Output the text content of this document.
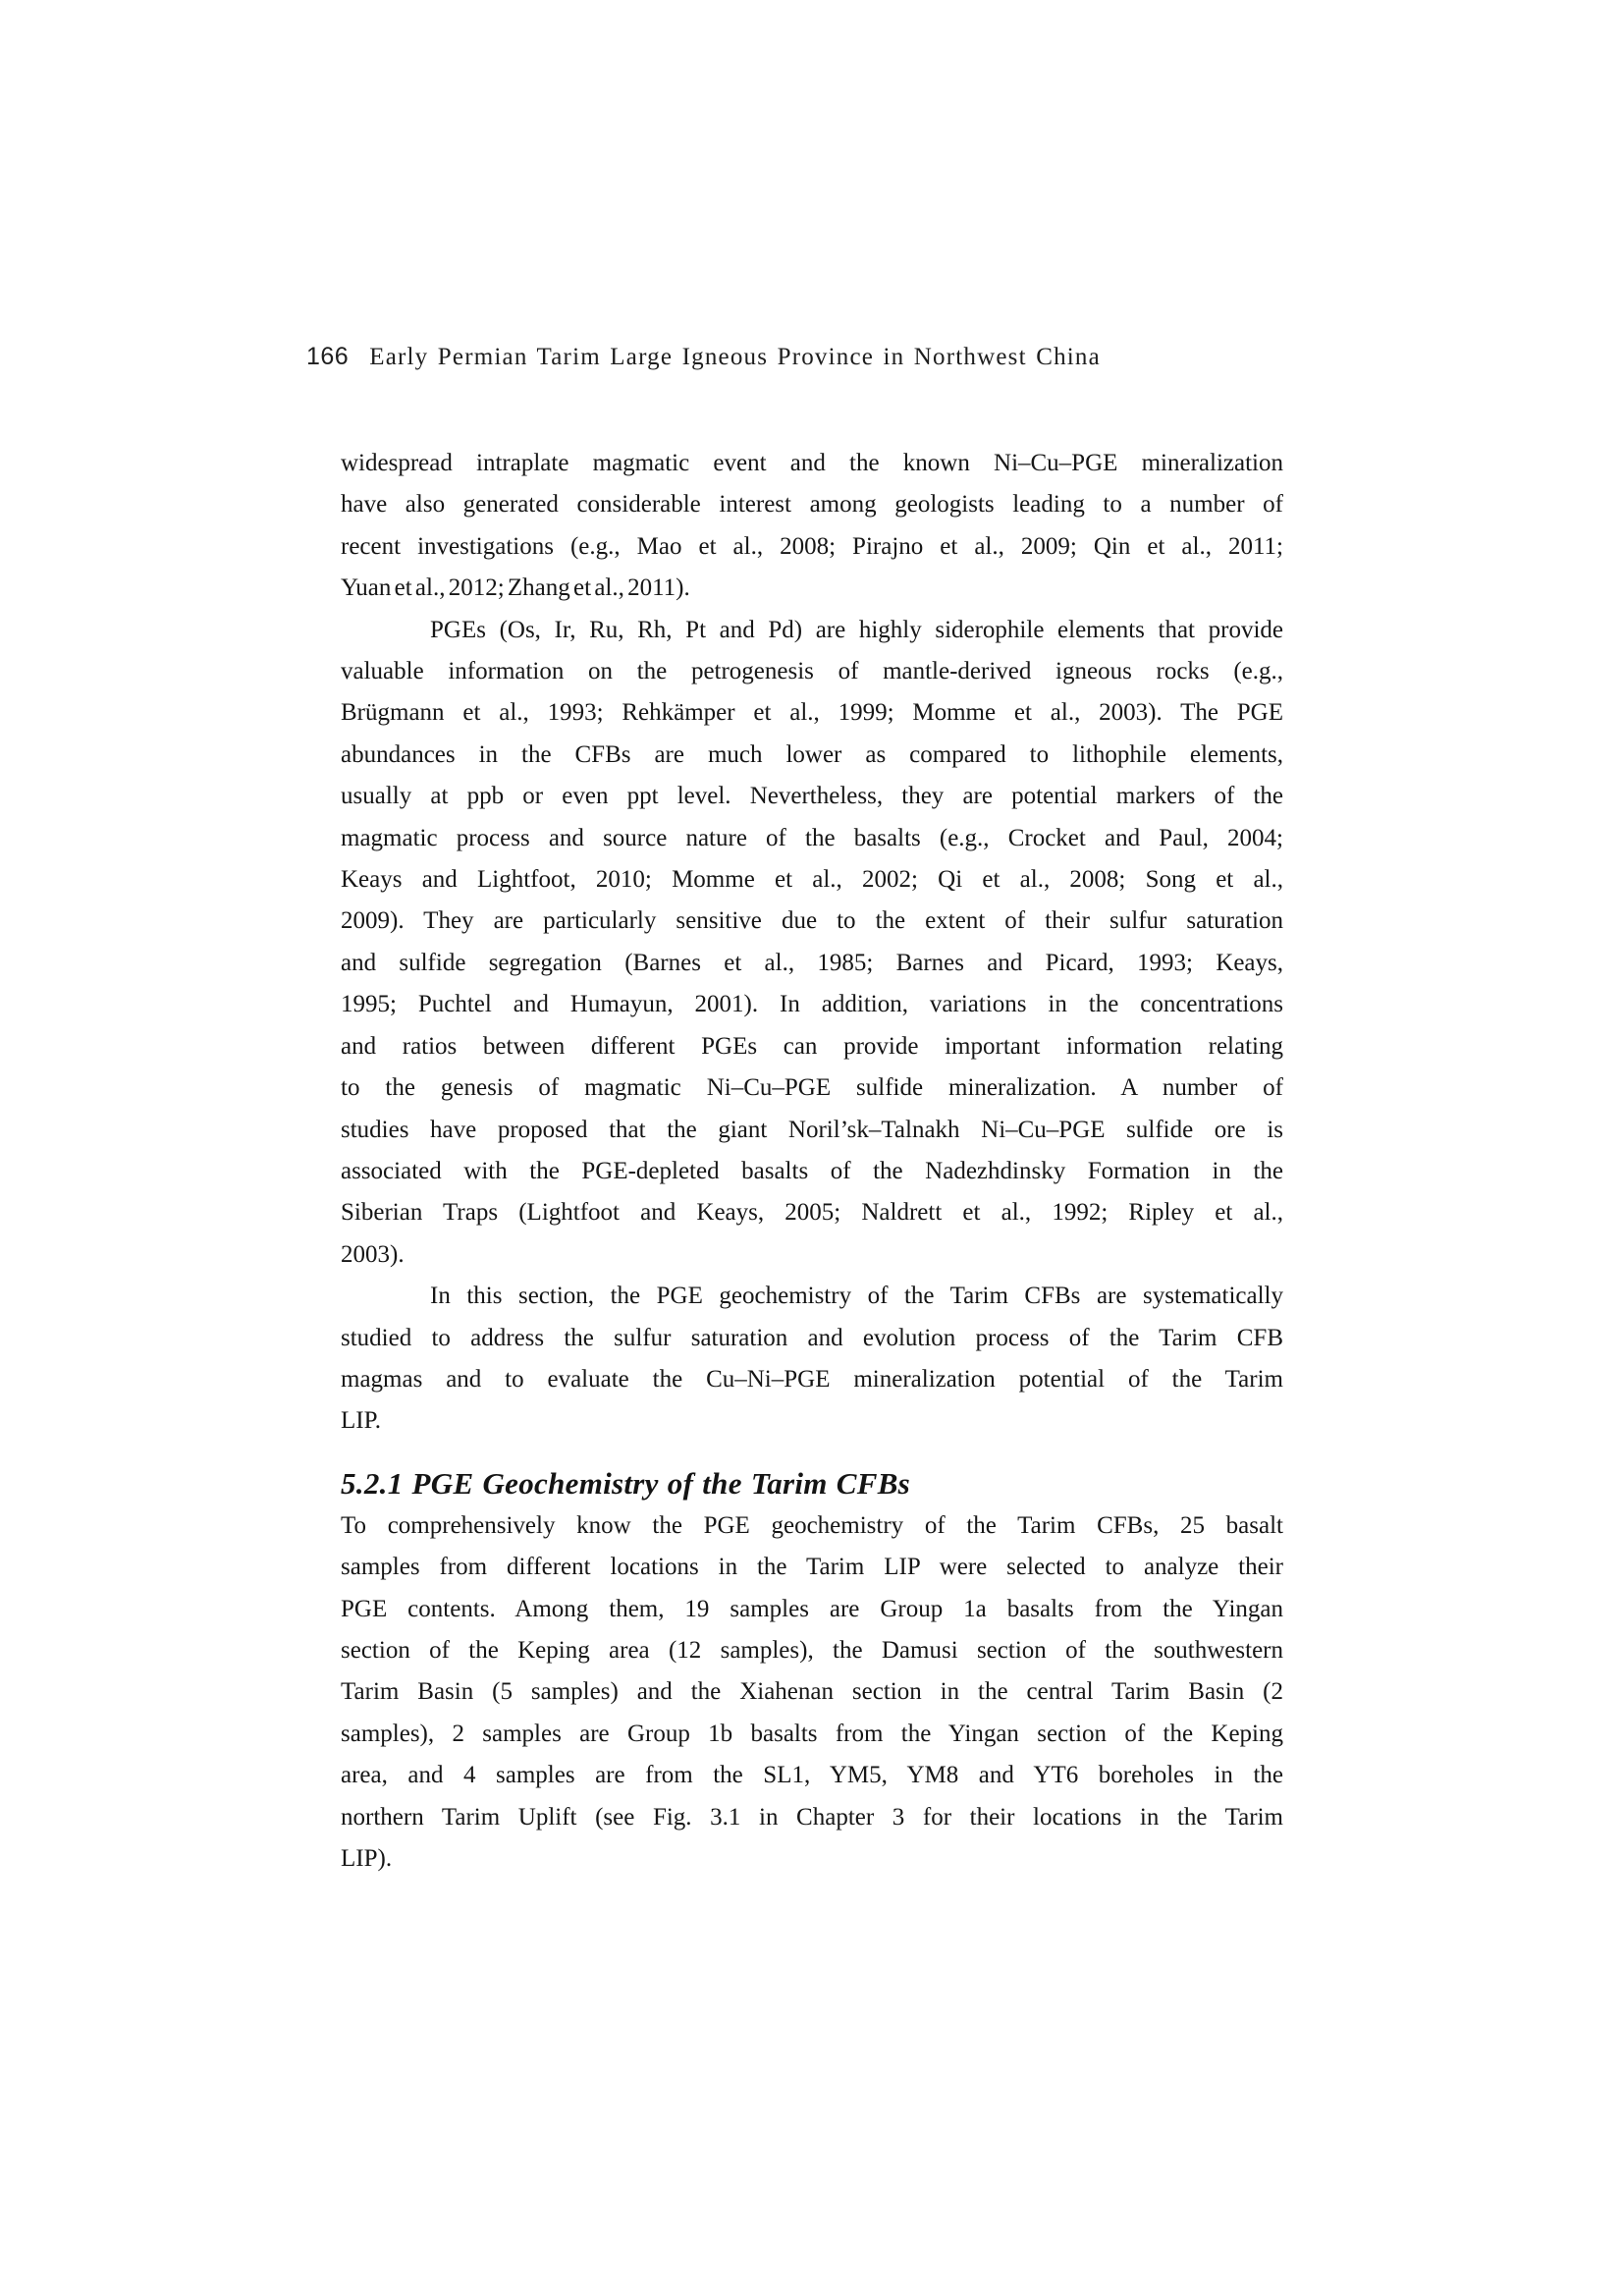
166 Early Permian Tarim Large Igneous Province in Northwest China
widespread intraplate magmatic event and the known Ni–Cu–PGE mineralization
have also generated considerable interest among geologists leading to a number of
recent investigations (e.g., Mao et al., 2008; Pirajno et al., 2009; Qin et al., 2011;
Yuan et al., 2012; Zhang et al., 2011).
PGEs (Os, Ir, Ru, Rh, Pt and Pd) are highly siderophile elements that provide
valuable information on the petrogenesis of mantle-derived igneous rocks (e.g.,
Brügmann et al., 1993; Rehkämper et al., 1999; Momme et al., 2003). The PGE
abundances in the CFBs are much lower as compared to lithophile elements,
usually at ppb or even ppt level. Nevertheless, they are potential markers of the
magmatic process and source nature of the basalts (e.g., Crocket and Paul, 2004;
Keays and Lightfoot, 2010; Momme et al., 2002; Qi et al., 2008; Song et al.,
2009). They are particularly sensitive due to the extent of their sulfur saturation
and sulfide segregation (Barnes et al., 1985; Barnes and Picard, 1993; Keays,
1995; Puchtel and Humayun, 2001). In addition, variations in the concentrations
and ratios between different PGEs can provide important information relating
to the genesis of magmatic Ni–Cu–PGE sulfide mineralization. A number of
studies have proposed that the giant Noril’sk–Talnakh Ni–Cu–PGE sulfide ore is
associated with the PGE-depleted basalts of the Nadezhdinsky Formation in the
Siberian Traps (Lightfoot and Keays, 2005; Naldrett et al., 1992; Ripley et al.,
2003).
In this section, the PGE geochemistry of the Tarim CFBs are systematically
studied to address the sulfur saturation and evolution process of the Tarim CFB
magmas and to evaluate the Cu–Ni–PGE mineralization potential of the Tarim
LIP.
5.2.1 PGE Geochemistry of the Tarim CFBs
To comprehensively know the PGE geochemistry of the Tarim CFBs, 25 basalt
samples from different locations in the Tarim LIP were selected to analyze their
PGE contents. Among them, 19 samples are Group 1a basalts from the Yingan
section of the Keping area (12 samples), the Damusi section of the southwestern
Tarim Basin (5 samples) and the Xiahenan section in the central Tarim Basin (2
samples), 2 samples are Group 1b basalts from the Yingan section of the Keping
area, and 4 samples are from the SL1, YM5, YM8 and YT6 boreholes in the
northern Tarim Uplift (see Fig. 3.1 in Chapter 3 for their locations in the Tarim
LIP).
